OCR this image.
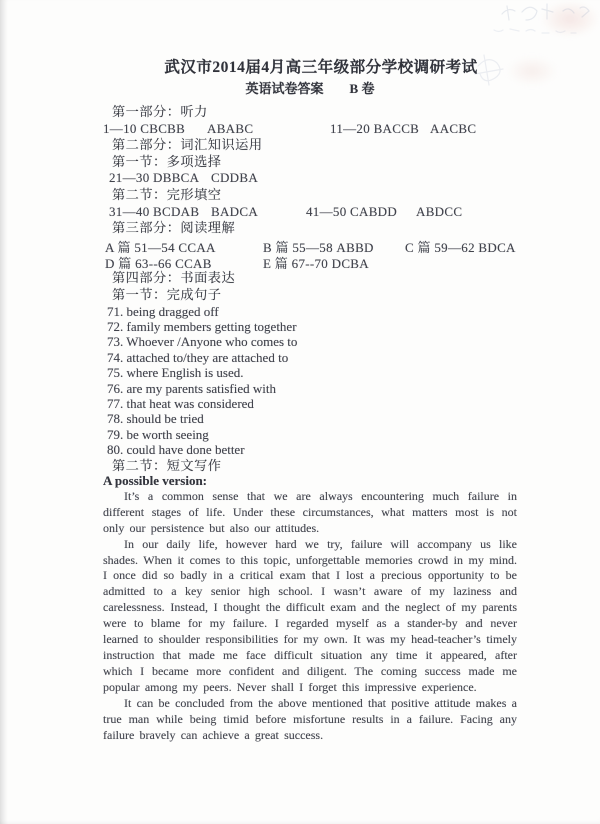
武汉市2014届4月高三年级部分学校调研考试
英语试卷答案 B 卷
第一部分：听力
1—10 CBCBB ABABC	11—20 BACCB AACBC
第二部分：词汇知识运用
第一节：多项选择
21—30 DBBCA CDDBA
第二节：完形填空
31—40 BCDAB BADCA	41—50 CABDD ABDCC
第三部分：阅读理解
A 篇 51—54 CCAA	B 篇 55—58 ABBD C 篇 59—62 BDCA
D 篇 63--66 CCAB	E 篇 67--70 DCBA
第四部分：书面表达
第一节：完成句子
71. being dragged off
72. family members getting together
73. Whoever /Anyone who comes to
74. attached to/they are attached to
75. where English is used.
76. are my parents satisfied with
77. that heat was considered
78. should be tried
79. be worth seeing
80. could have done better
第二节：短文写作
A possible version:

It’s a common sense that we are always encountering much failure in different stages of life. Under these circumstances, what matters most is not only our persistence but also our attitudes.

In our daily life, however hard we try, failure will accompany us like shades. When it comes to this topic, unforgettable memories crowd in my mind. I once did so badly in a critical exam that I lost a precious opportunity to be admitted to a key senior high school. I wasn’t aware of my laziness and carelessness. Instead, I thought the difficult exam and the neglect of my parents were to blame for my failure. I regarded myself as a stander-by and never learned to shoulder responsibilities for my own. It was my head-teacher’s timely instruction that made me face difficult situation any time it appeared, after which I became more confident and diligent. The coming success made me popular among my peers. Never shall I forget this impressive experience.

It can be concluded from the above mentioned that positive attitude makes a true man while being timid before misfortune results in a failure. Facing any failure bravely can achieve a great success.
